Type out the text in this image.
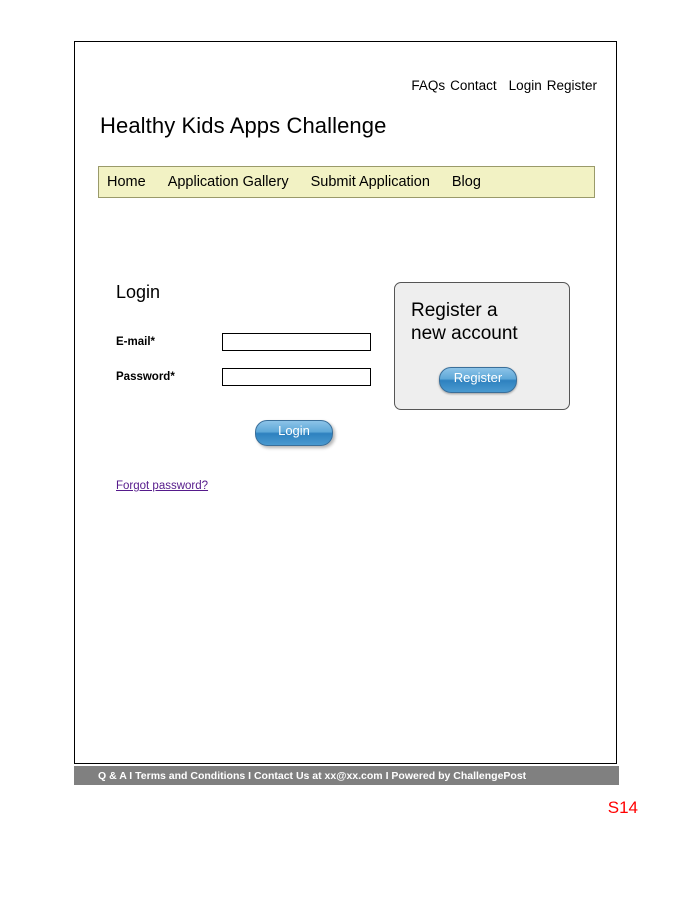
FAQs Contact Login Register
Healthy Kids Apps Challenge
Home Application Gallery Submit Application Blog
Login
E-mail*
Password*
Login
Forgot password?
Register a
new account
Register
Q & A I Terms and Conditions I Contact Us at xx@xx.com I Powered by ChallengePost
S14
